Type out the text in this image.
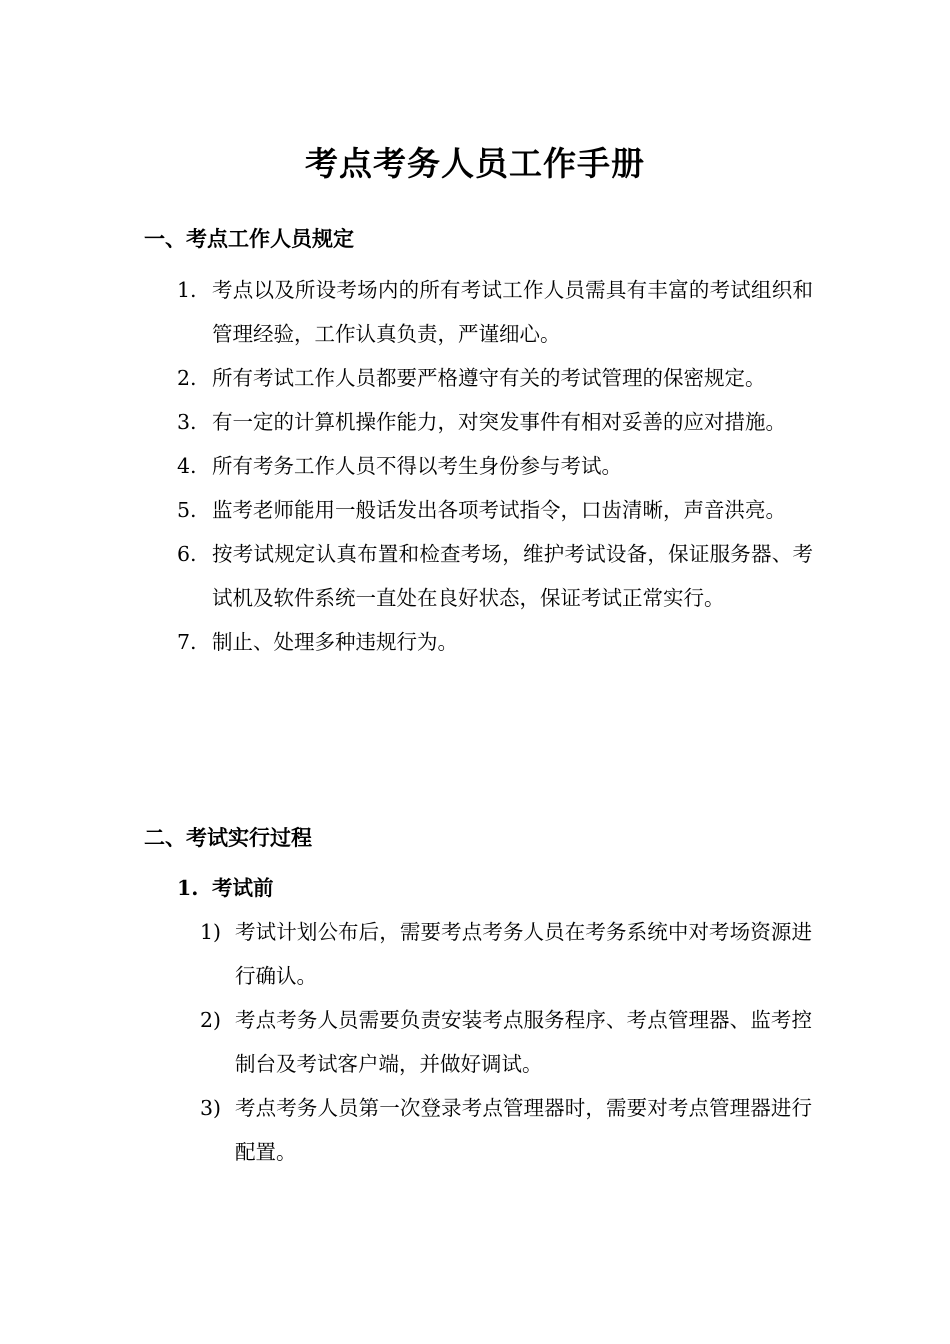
考点考务人员工作手册
一、考点工作人员规定
1. 考点以及所设考场内的所有考试工作人员需具有丰富的考试组织和管理经验，工作认真负责，严谨细心。
2. 所有考试工作人员都要严格遵守有关的考试管理的保密规定。
3. 有一定的计算机操作能力，对突发事件有相对妥善的应对措施。
4. 所有考务工作人员不得以考生身份参与考试。
5. 监考老师能用一般话发出各项考试指令，口齿清晰，声音洪亮。
6. 按考试规定认真布置和检查考场，维护考试设备，保证服务器、考试机及软件系统一直处在良好状态，保证考试正常实行。
7. 制止、处理多种违规行为。
二、考试实行过程
1. 考试前
1) 考试计划公布后，需要考点考务人员在考务系统中对考场资源进行确认。
2) 考点考务人员需要负责安装考点服务程序、考点管理器、监考控制台及考试客户端，并做好调试。
3) 考点考务人员第一次登录考点管理器时，需要对考点管理器进行配置。
